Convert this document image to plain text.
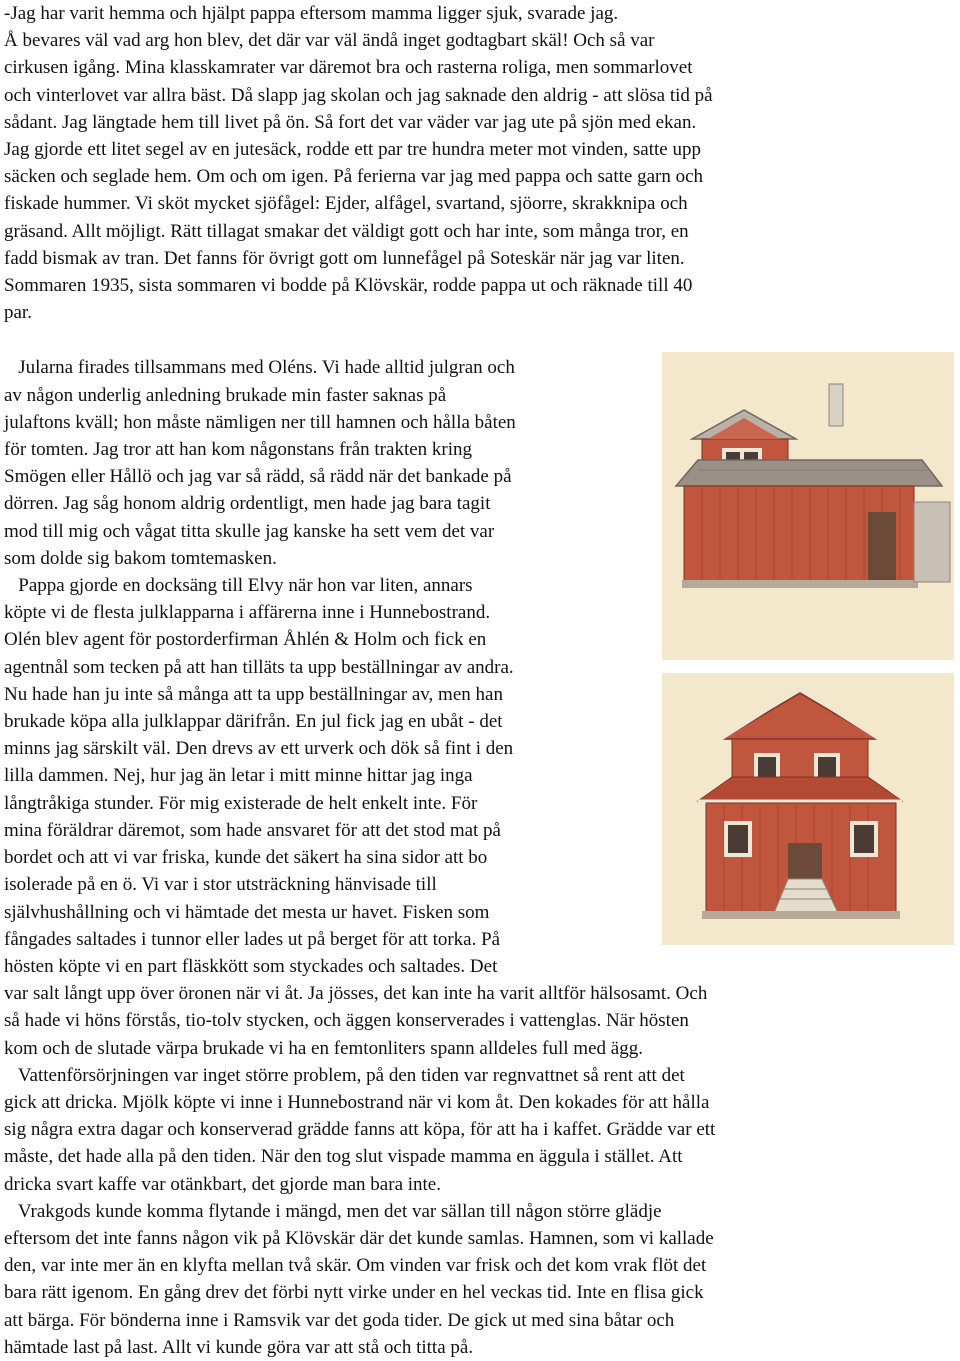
-Jag har varit hemma och hjälpt pappa eftersom mamma ligger sjuk, svarade jag.
Å bevares väl vad arg hon blev, det där var väl ändå inget godtagbart skäl! Och så var
cirkusen igång. Mina klasskamrater var däremot bra och rasterna roliga, men sommarlovet
och vinterlovet var allra bäst. Då slapp jag skolan och jag saknade den aldrig - att slösa tid på
sådant. Jag längtade hem till livet på ön. Så fort det var väder var jag ute på sjön med ekan.
Jag gjorde ett litet segel av en jutesäck, rodde ett par tre hundra meter mot vinden, satte upp
säcken och seglade hem. Om och om igen. På ferierna var jag med pappa och satte garn och
fiskade hummer. Vi sköt mycket sjöfågel: Ejder, alfågel, svartand, sjöorre, skrakknipa och
gräsand. Allt möjligt. Rätt tillagat smakar det väldigt gott och har inte, som många tror, en
fadd bismak av tran. Det fanns för övrigt gott om lunnefågel på Soteskär när jag var liten.
Sommaren 1935, sista sommaren vi bodde på Klövskär, rodde pappa ut och räknade till 40
par.
Jularna firades tillsammans med Oléns. Vi hade alltid julgran och
av någon underlig anledning brukade min faster saknas på
julaftons kväll; hon måste nämligen ner till hamnen och hålla båten
för tomten. Jag tror att han kom någonstans från trakten kring
Smögen eller Hållö och jag var så rädd, så rädd när det bankade på
dörren. Jag såg honom aldrig ordentligt, men hade jag bara tagit
mod till mig och vågat titta skulle jag kanske ha sett vem det var
som dolde sig bakom tomtemasken.
Pappa gjorde en docksäng till Elvy när hon var liten, annars
köpte vi de flesta julklapparna i affärerna inne i Hunnebostrand.
Olén blev agent för postorderfirman Åhlén & Holm och fick en
agentnål som tecken på att han tilläts ta upp beställningar av andra.
Nu hade han ju inte så många att ta upp beställningar av, men han
brukade köpa alla julklappar därifrån. En jul fick jag en ubåt - det
minns jag särskilt väl. Den drevs av ett urverk och dök så fint i den
lilla dammen. Nej, hur jag än letar i mitt minne hittar jag inga
långtråkiga stunder. För mig existerade de helt enkelt inte. För
mina föräldrar däremot, som hade ansvaret för att det stod mat på
bordet och att vi var friska, kunde det säkert ha sina sidor att bo
isolerade på en ö. Vi var i stor utsträckning hänvisade till
självhushållning och vi hämtade det mesta ur havet. Fisken som
fångades saltades i tunnor eller lades ut på berget för att torka. På
hösten köpte vi en part fläskkött som styckades och saltades. Det
var salt långt upp över öronen när vi åt. Ja jösses, det kan inte ha varit alltför hälsosamt. Och
så hade vi höns förstås, tio-tolv stycken, och äggen konserverades i vattenglas. När hösten
kom och de slutade värpa brukade vi ha en femtonliters spann alldeles full med ägg.
Vattenförsörjningen var inget större problem, på den tiden var regnvattnet så rent att det
gick att dricka. Mjölk köpte vi inne i Hunnebostrand när vi kom åt. Den kokades för att hålla
sig några extra dagar och konserverad grädde fanns att köpa, för att ha i kaffet. Grädde var ett
måste, det hade alla på den tiden. När den tog slut vispade mamma en äggula i stället. Att
dricka svart kaffe var otänkbart, det gjorde man bara inte.
Vrakgods kunde komma flytande i mängd, men det var sällan till någon större glädje
eftersom det inte fanns någon vik på Klövskär där det kunde samlas. Hamnen, som vi kallade
den, var inte mer än en klyfta mellan två skär. Om vinden var frisk och det kom vrak flöt det
bara rätt igenom. En gång drev det förbi nytt virke under en hel veckas tid. Inte en flisa gick
att bärga. För bönderna inne i Ramsvik var det goda tider. De gick ut med sina båtar och
hämtade last på last. Allt vi kunde göra var att stå och titta på.
